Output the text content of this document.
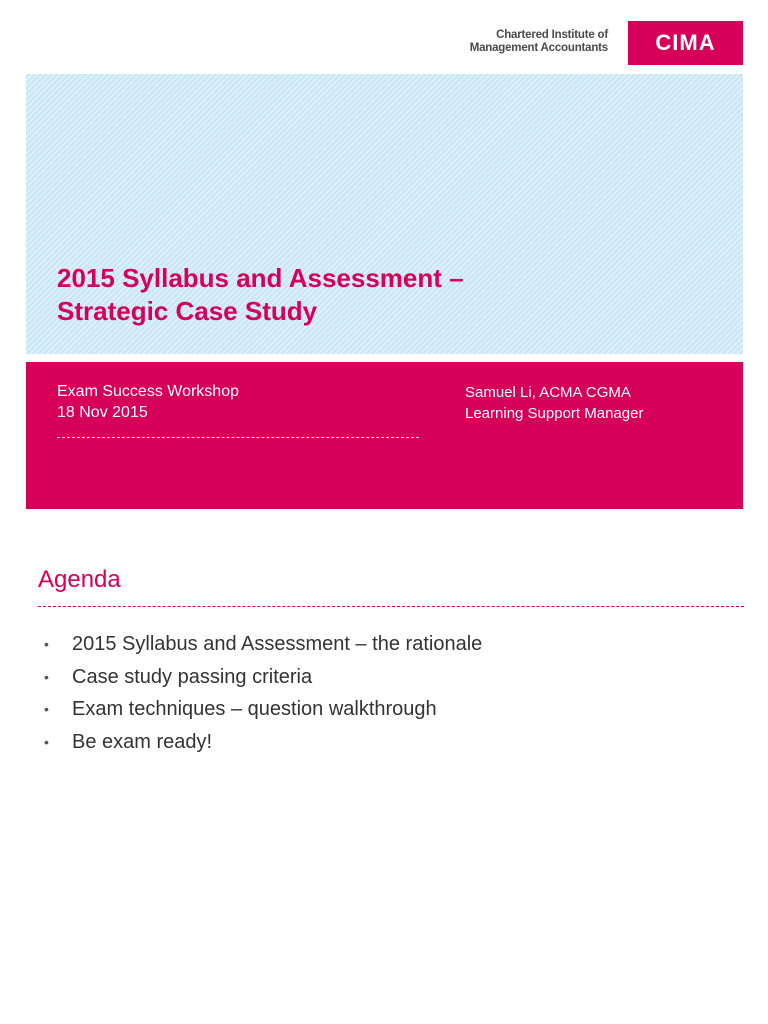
Chartered Institute of
Management Accountants CIMA
2015 Syllabus and Assessment –
Strategic Case Study
Exam Success Workshop
18 Nov 2015
Samuel Li, ACMA CGMA
Learning Support Manager
Agenda
• 2015 Syllabus and Assessment – the rationale
• Case study passing criteria
• Exam techniques – question walkthrough
• Be exam ready!
